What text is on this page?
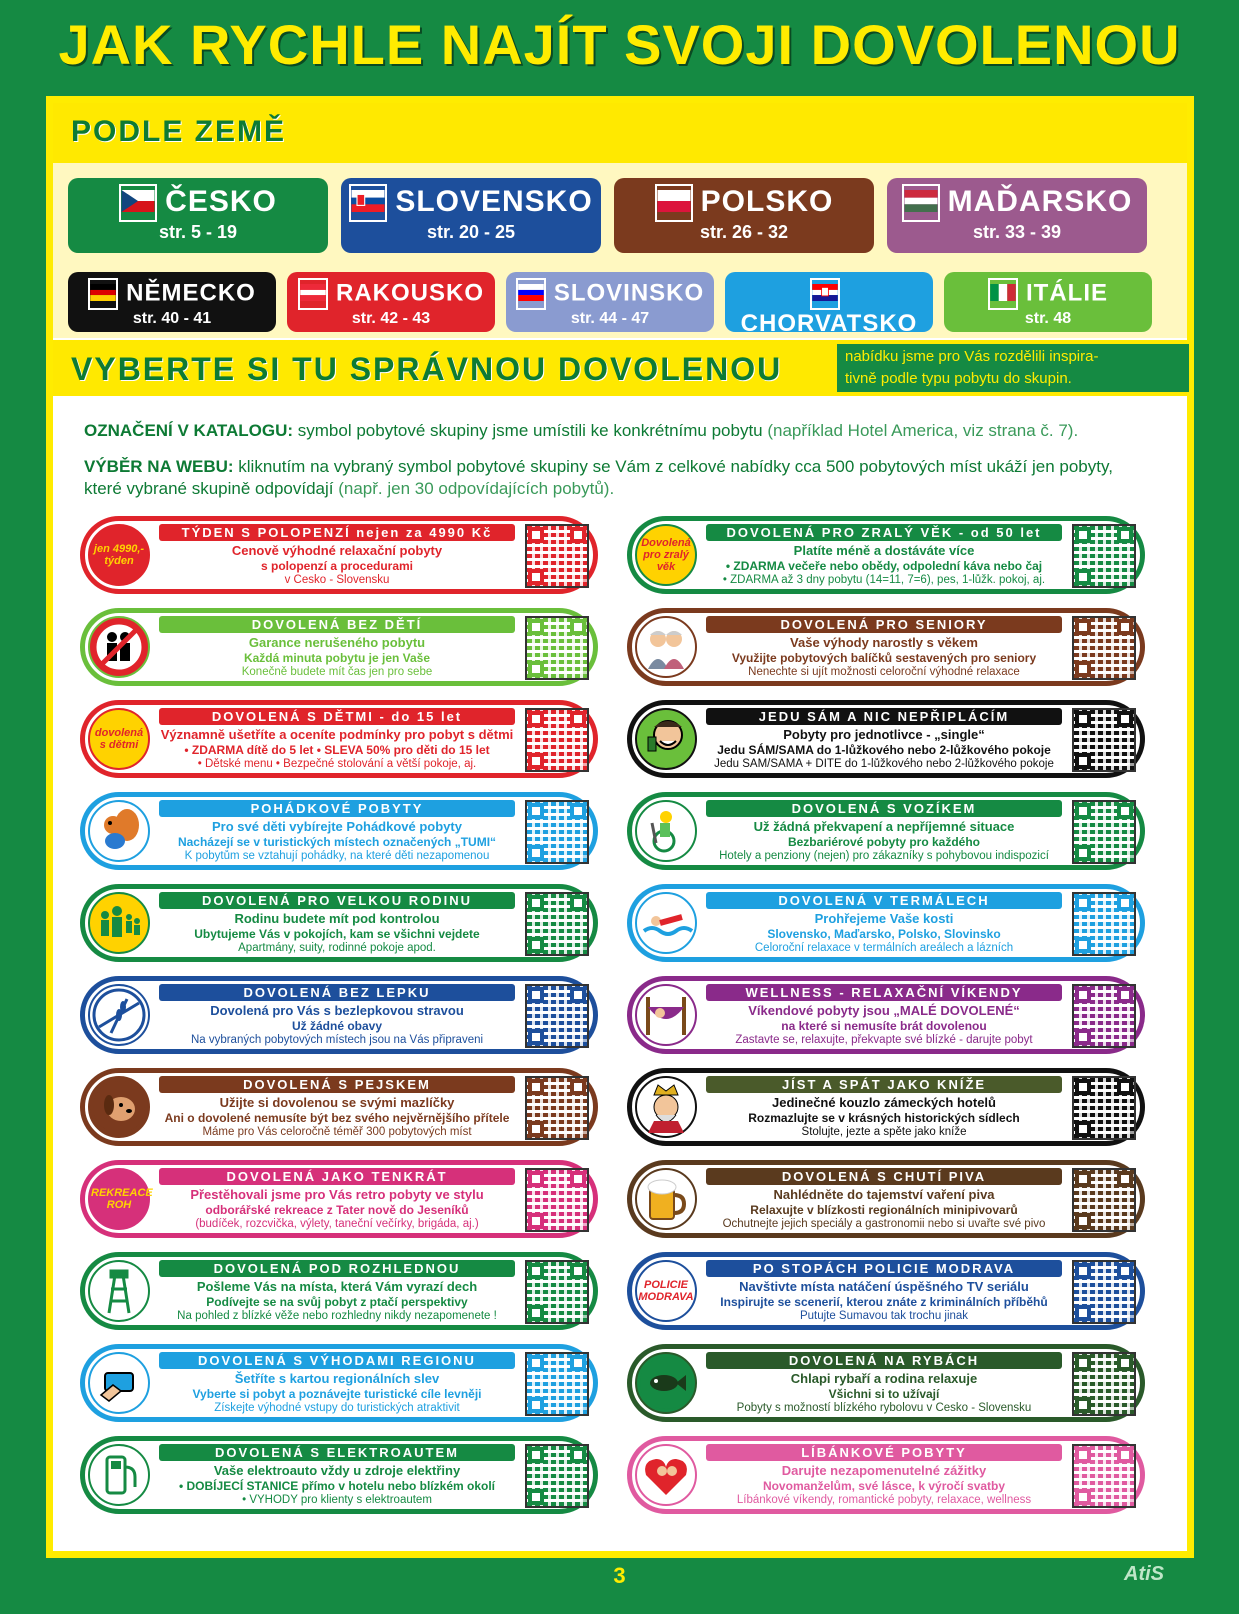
JAK RYCHLE NAJÍT SVOJI DOVOLENOU
PODLE ZEMĚ
ČESKO
str. 5 - 19
SLOVENSKO
str. 20 - 25
POLSKO
str. 26 - 32
MAĎARSKO
str. 33 - 39
NĚMECKO
str. 40 - 41
RAKOUSKO
str. 42 - 43
SLOVINSKO
str. 44 - 47	CHORVATSKO
ITÁLIE
str. 48
VYBERTE SI TU SPRÁVNOU DOVOLENOU	nabídku jsme pro Vás rozdělili inspira-
tivně podle typu pobytu do skupin.
OZNAČENÍ V KATALOGU: symbol pobytové skupiny jsme umístili ke konkrétnímu pobytu (například Hotel America, viz strana č. 7).
VÝBĚR NA WEBU: kliknutím na vybraný symbol pobytové skupiny se Vám z celkové nabídky cca 500 pobytových míst ukáží jen pobyty,
které vybrané skupině odpovídají (např. jen 30 odpovídajících pobytů).
jen 4990,- týden
TÝDEN S POLOPENZÍ nejen za 4990 Kč
Cenově výhodné relaxační pobyty
s polopenzí a procedurami
v Česko - Slovensku
DOVOLENÁ BEZ DĚTÍ
Garance nerušeného pobytu
Každá minuta pobytu je jen Vaše
Konečně budete mít čas jen pro sebe
dovolená s dětmi
DOVOLENÁ S DĚTMI - do 15 let
Významně ušetříte a oceníte podmínky pro pobyt s dětmi
• ZDARMA dítě do 5 let • SLEVA 50% pro děti do 15 let
• Dětské menu • Bezpečné stolování a větší pokoje, aj.
POHÁDKOVÉ POBYTY
Pro své děti vybírejte Pohádkové pobyty
Nacházejí se v turistických místech označených „TUMI“
K pobytům se vztahují pohádky, na které děti nezapomenou
DOVOLENÁ PRO VELKOU RODINU
Rodinu budete mít pod kontrolou
Ubytujeme Vás v pokojích, kam se všichni vejdete
Apartmány, suity, rodinné pokoje apod.
DOVOLENÁ BEZ LEPKU
Dovolená pro Vás s bezlepkovou stravou
Už žádné obavy
Na vybraných pobytových místech jsou na Vás připraveni
DOVOLENÁ S PEJSKEM
Užijte si dovolenou se svými mazlíčky
Ani o dovolené nemusíte být bez svého nejvěrnějšího přítele
Máme pro Vás celoročně téměř 300 pobytových míst
REKREACE ROH
DOVOLENÁ JAKO TENKRÁT
Přestěhovali jsme pro Vás retro pobyty ve stylu
odborářské rekreace z Tater nově do Jeseníků
(budíček, rozcvička, výlety, taneční večírky, brigáda, aj.)
DOVOLENÁ POD ROZHLEDNOU
Pošleme Vás na místa, která Vám vyrazí dech
Podívejte se na svůj pobyt z ptačí perspektivy
Na pohled z blízké věže nebo rozhledny nikdy nezapomenete !
DOVOLENÁ S VÝHODAMI REGIONU
Šetříte s kartou regionálních slev
Vyberte si pobyt a poznávejte turistické cíle levněji
Získejte výhodné vstupy do turistických atraktivit
DOVOLENÁ S ELEKTROAUTEM
Vaše elektroauto vždy u zdroje elektřiny
• DOBÍJECÍ STANICE přímo v hotelu nebo blízkém okolí
• VÝHODY pro klienty s elektroautem
Dovolená pro zralý věk
DOVOLENÁ PRO ZRALÝ VĚK - od 50 let
Platíte méně a dostáváte více
• ZDARMA večeře nebo obědy, odpolední káva nebo čaj
• ZDARMA až 3 dny pobytu (14=11, 7=6), pes, 1-lůžk. pokoj, aj.
DOVOLENÁ PRO SENIORY
Vaše výhody narostly s věkem
Využijte pobytových balíčků sestavených pro seniory
Nenechte si ujít možnosti celoroční výhodné relaxace
JEDU SÁM A NIC NEPŘIPLÁCÍM
Pobyty pro jednotlivce - „single“
Jedu SÁM/SAMA do 1-lůžkového nebo 2-lůžkového pokoje
Jedu SÁM/SAMA + DÍTĚ do 1-lůžkového nebo 2-lůžkového pokoje
DOVOLENÁ S VOZÍKEM
Už žádná překvapení a nepříjemné situace
Bezbariérové pobyty pro každého
Hotely a penziony (nejen) pro zákazníky s pohybovou indispozicí
DOVOLENÁ V TERMÁLECH
Prohřejeme Vaše kosti
Slovensko, Maďarsko, Polsko, Slovinsko
Celoroční relaxace v termálních areálech a lázních
WELLNESS - RELAXAČNÍ VÍKENDY
Víkendové pobyty jsou „MALÉ DOVOLENÉ“
na které si nemusíte brát dovolenou
Zastavte se, relaxujte, překvapte své blízké - darujte pobyt
JÍST A SPÁT JAKO KNÍŽE
Jedinečné kouzlo zámeckých hotelů
Rozmazlujte se v krásných historických sídlech
Stolujte, jezte a spěte jako kníže
DOVOLENÁ S CHUTÍ PIVA
Nahlédněte do tajemství vaření piva
Relaxujte v blízkosti regionálních minipivovarů
Ochutnejte jejich speciály a gastronomii nebo si uvařte své pivo
POLICIE MODRAVA
PO STOPÁCH POLICIE MODRAVA
Navštivte místa natáčení úspěšného TV seriálu
Inspirujte se scenerií, kterou znáte z kriminálních příběhů
Putujte Šumavou tak trochu jinak
DOVOLENÁ NA RYBÁCH
Chlapi rybaří a rodina relaxuje
Všichni si to užívají
Pobyty s možností blízkého rybolovu v Česko - Slovensku
LÍBÁNKOVÉ POBYTY
Darujte nezapomenutelné zážitky
Novomanželům, své lásce, k výročí svatby
Líbánkové víkendy, romantické pobyty, relaxace, wellness
3	AtiS
